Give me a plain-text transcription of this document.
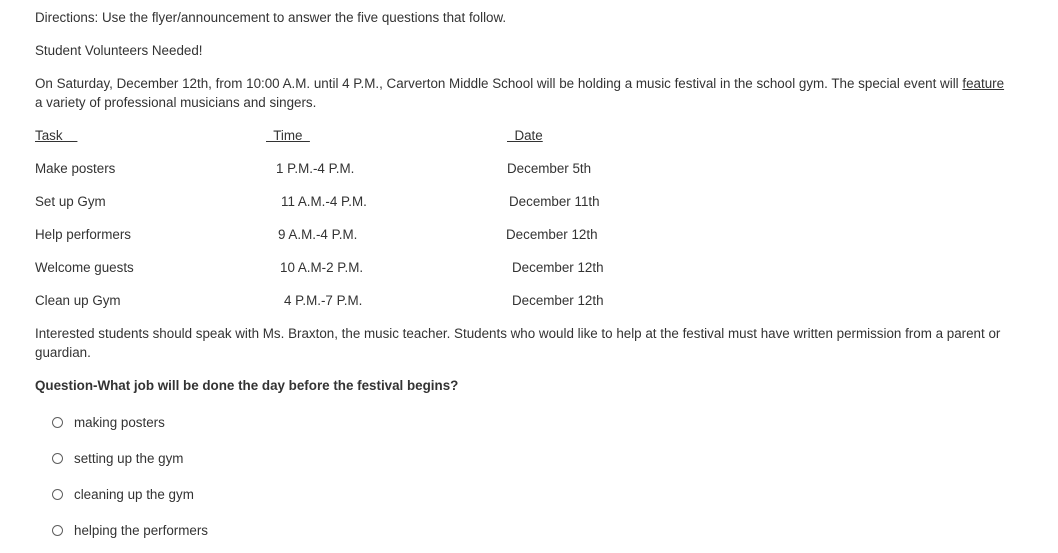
Directions: Use the flyer/announcement to answer the five questions that follow.
Student Volunteers Needed!
On Saturday, December 12th, from 10:00 A.M. until 4 P.M., Carverton Middle School will be holding a music festival in the school gym. The special event will feature a variety of professional musicians and singers.
Task	Time	Date
Make posters	1 P.M.-4 P.M.	December 5th
Set up Gym	11 A.M.-4 P.M.	December 11th
Help performers	9 A.M.-4 P.M.	December 12th
Welcome guests	10 A.M-2 P.M.	December 12th
Clean up Gym	4 P.M.-7 P.M.	December 12th
Interested students should speak with Ms. Braxton, the music teacher. Students who would like to help at the festival must have written permission from a parent or guardian.
Question-What job will be done the day before the festival begins?
making posters
setting up the gym
cleaning up the gym
helping the performers
